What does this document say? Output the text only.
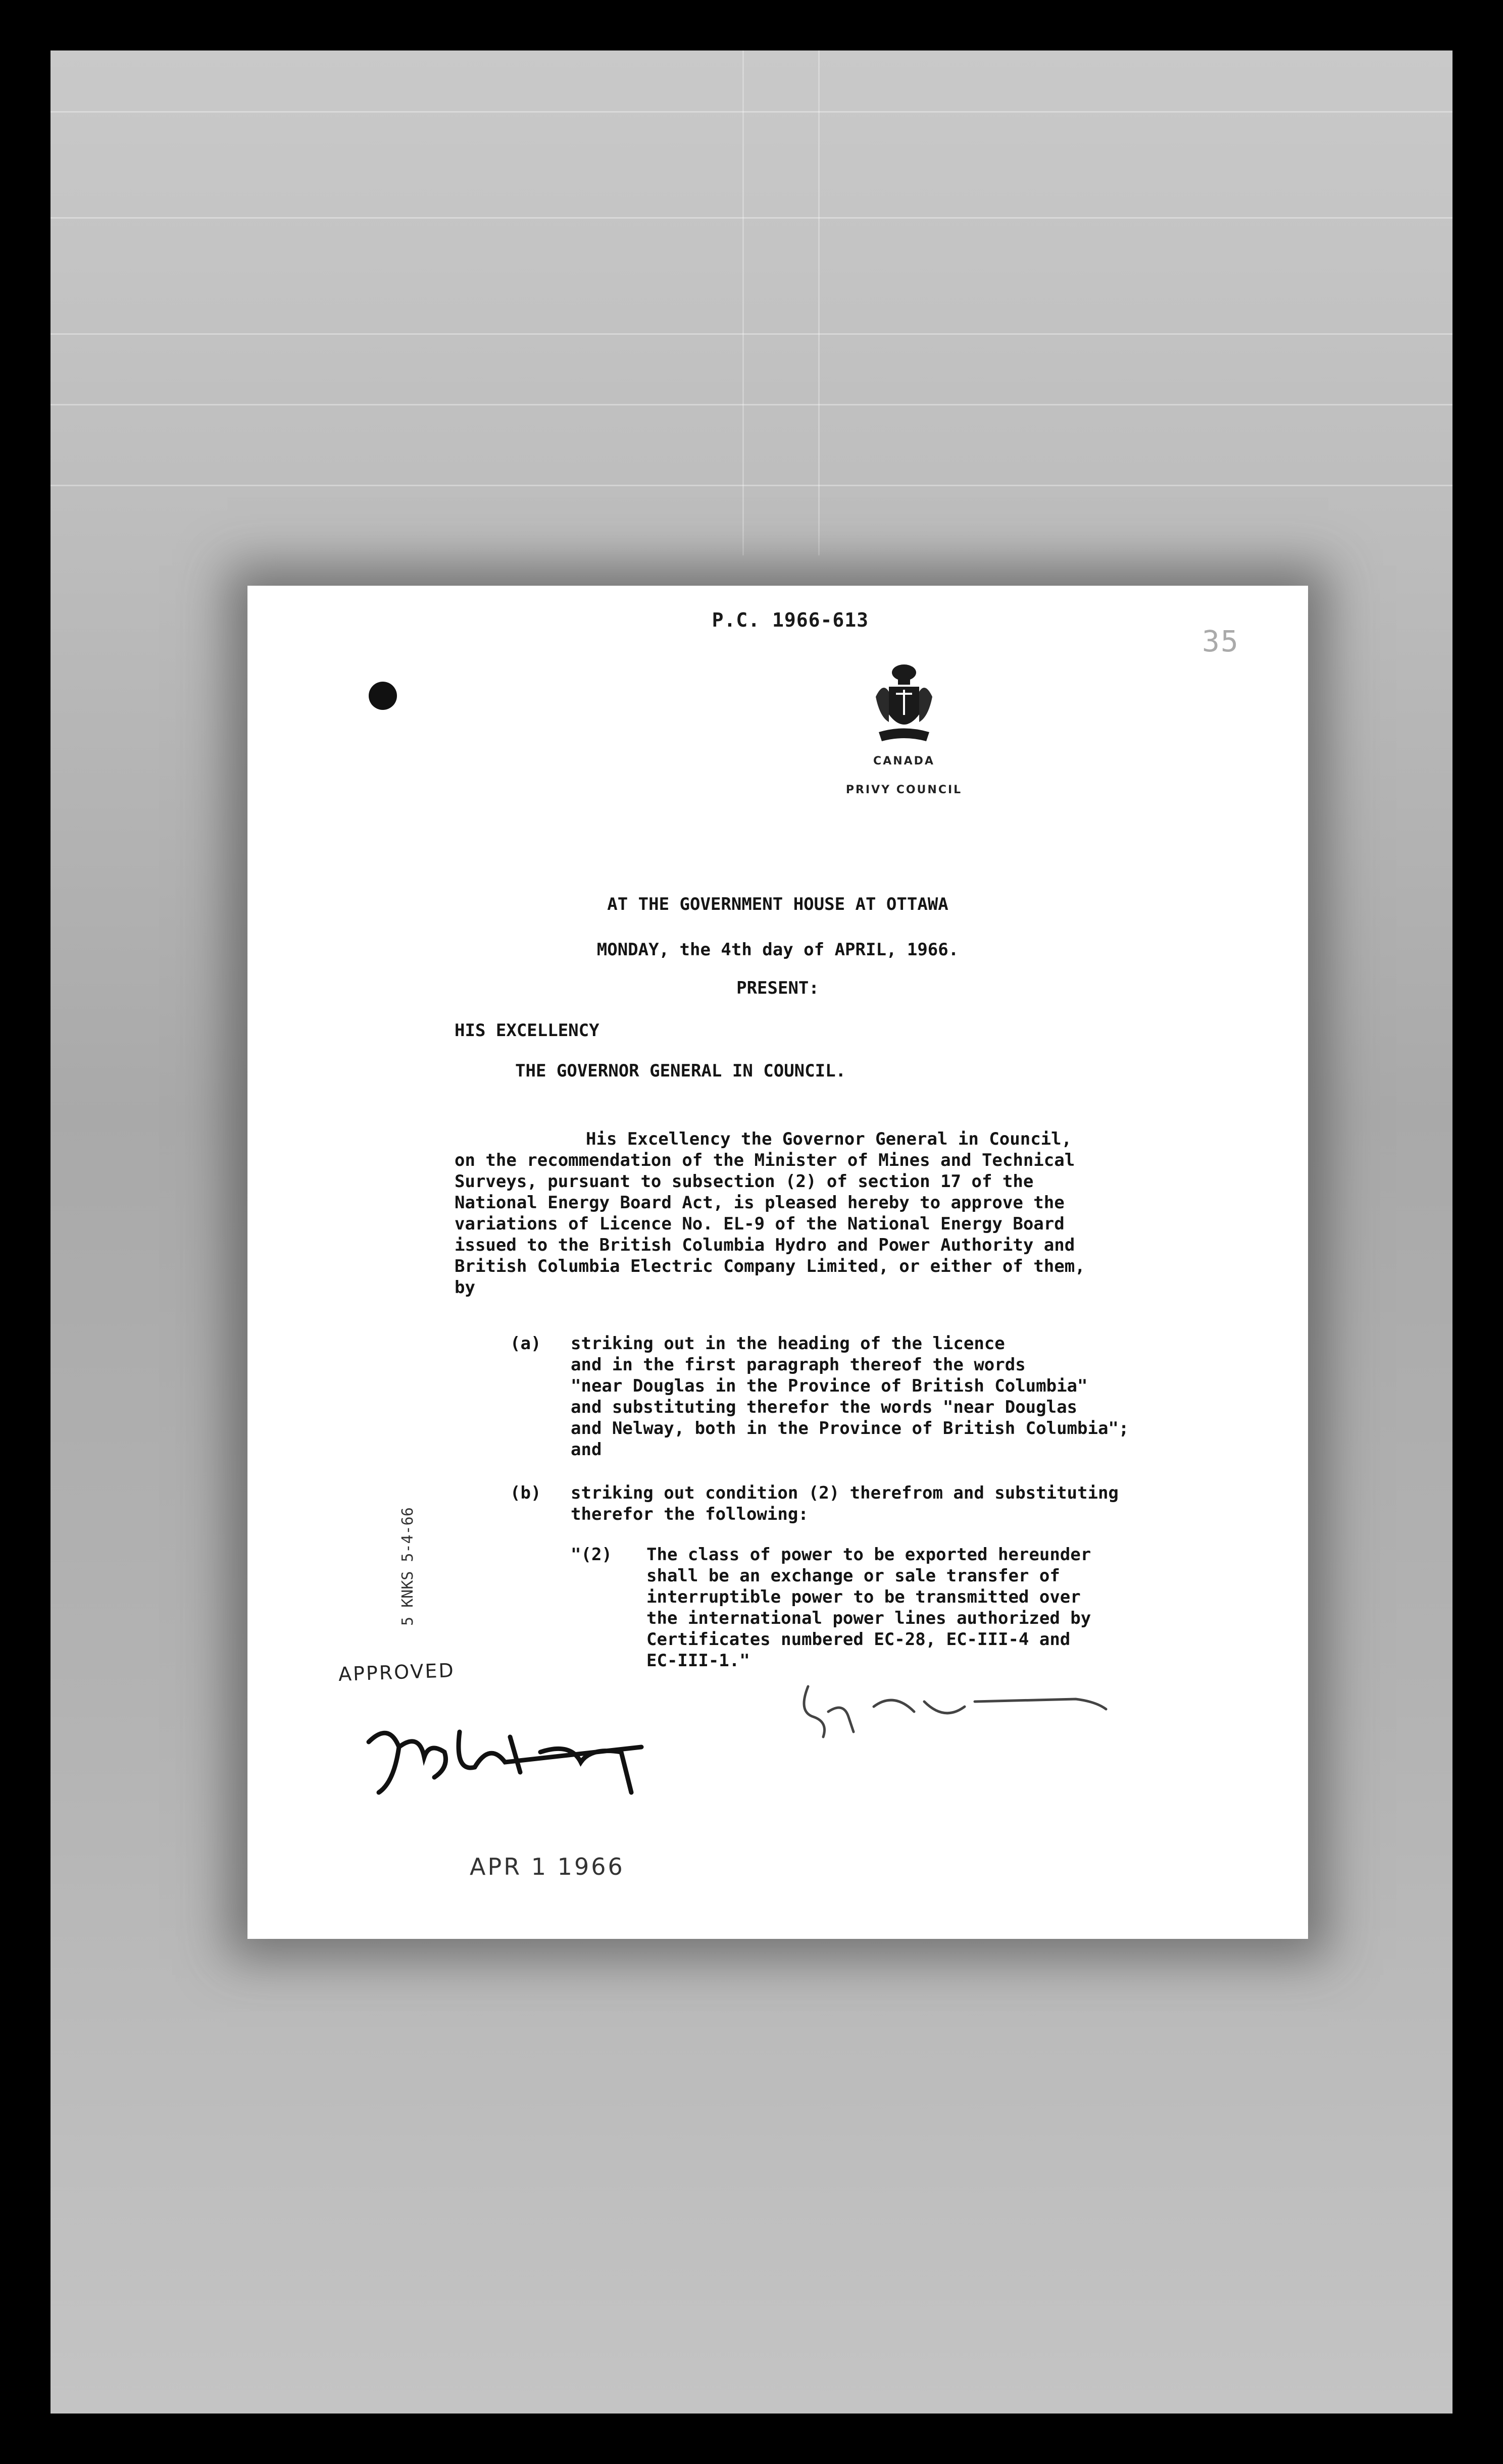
P.C. 1966-613
35
CANADA
PRIVY COUNCIL

AT THE GOVERNMENT HOUSE AT OTTAWA

MONDAY, the 4th day of APRIL, 1966.

PRESENT:

HIS EXCELLENCY

THE GOVERNOR GENERAL IN COUNCIL.

His Excellency the Governor General in Council,

on the recommendation of the Minister of Mines and Technical

Surveys, pursuant to subsection (2) of section 17 of the

National Energy Board Act, is pleased hereby to approve the

variations of Licence No. EL-9 of the National Energy Board

issued to the British Columbia Hydro and Power Authority and

British Columbia Electric Company Limited, or either of them,

by

(a) striking out in the heading of the licence

and in the first paragraph thereof the words

"near Douglas in the Province of British Columbia"

and substituting therefor the words "near Douglas

and Nelway, both in the Province of British Columbia";

and

(b) striking out condition (2) therefrom and substituting

therefor the following:

"(2) The class of power to be exported hereunder

shall be an exchange or sale transfer of

interruptible power to be transmitted over

the international power lines authorized by

Certificates numbered EC-28, EC-III-4 and

EC-III-1."

APPROVED
APR 1 1966
5 KNKS 5-4-66
